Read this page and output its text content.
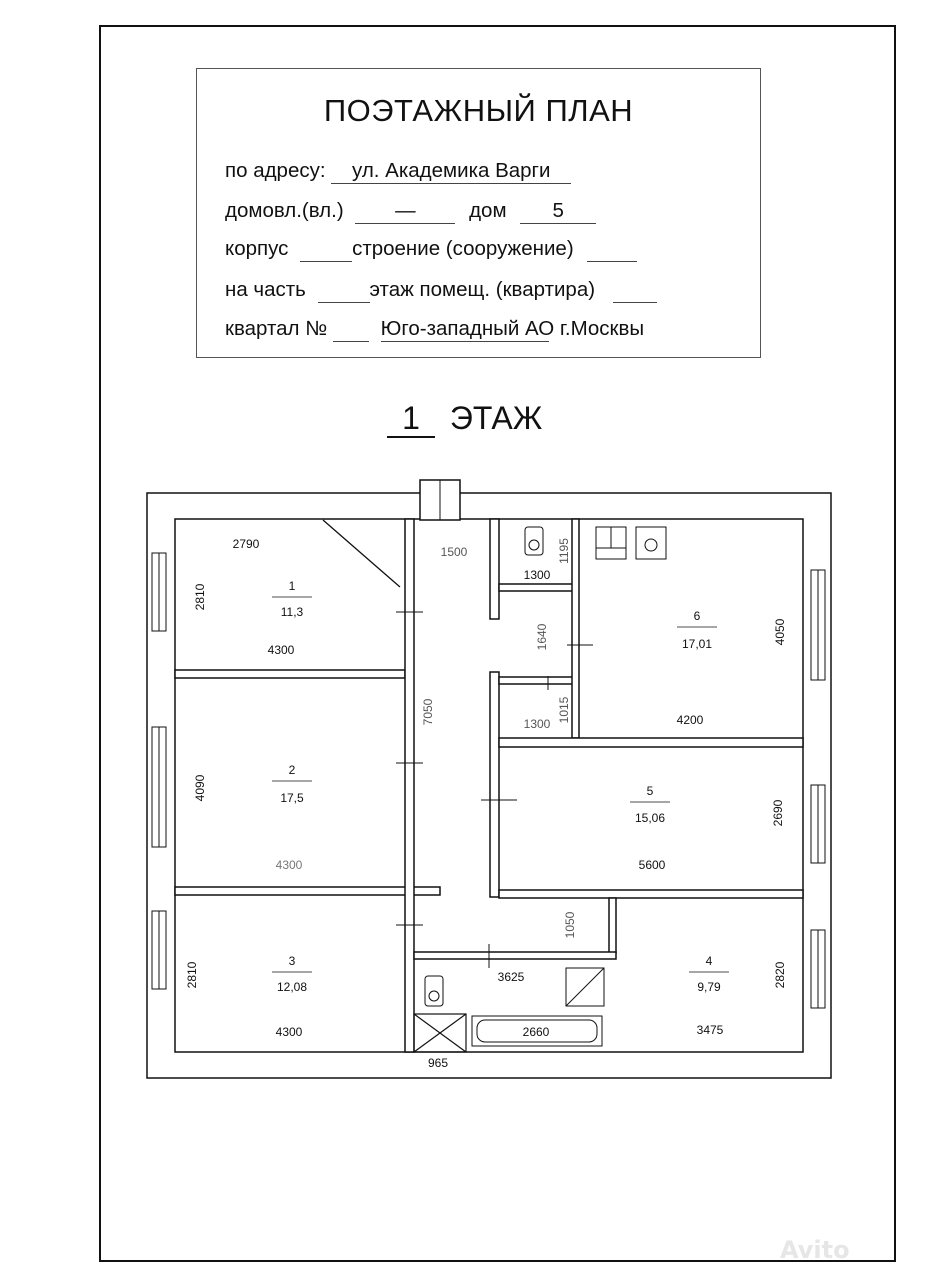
ПОЭТАЖНЫЙ ПЛАН
по адресу: ул. Академика Варги
домовл.(вл.)	—	дом 5
корпус	строение (сооружение)
на часть	этаж помещ. (квартира)
квартал №	Юго-западный АО г.Москвы
1 ЭТАЖ
1
11,3
2
17,5
3
12,08
4
9,79
5
15,06
6
17,01
2790
2810
4300
4090
4300
2810
4300
2820
3475
2690
5600
4050
4200
1500
7050
1300
1195
1640
1300
1015
1050
3625
2660
965
Avito
